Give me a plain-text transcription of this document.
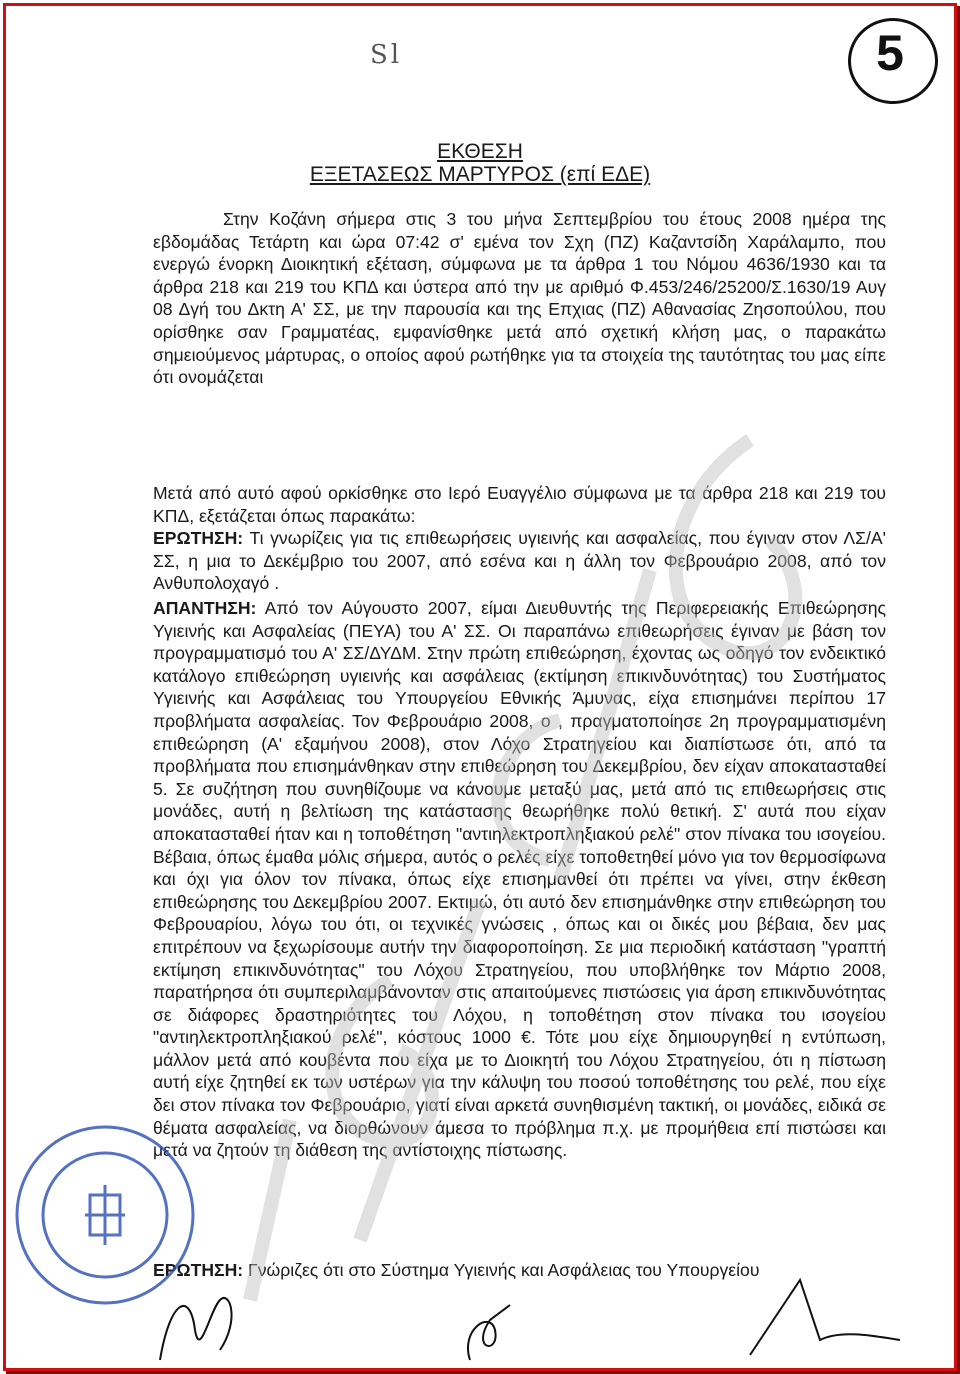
Sl	5
ΕΚΘΕΣΗ
ΕΞΕΤΑΣΕΩΣ ΜΑΡΤΥΡΟΣ (επί ΕΔΕ)
Στην Κοζάνη σήμερα στις 3 του μήνα Σεπτεμβρίου του έτους 2008 ημέρα της εβδομάδας Τετάρτη και ώρα 07:42 σ' εμένα τον Σχη (ΠΖ) Καζαντσίδη Χαράλαμπο, που ενεργώ ένορκη Διοικητική εξέταση, σύμφωνα με τα άρθρα 1 του Νόμου 4636/1930 και τα άρθρα 218 και 219 του ΚΠΔ και ύστερα από την με αριθμό Φ.453/246/25200/Σ.1630/19 Αυγ 08 Δγή του Δκτη Α' ΣΣ, με την παρουσία και της Επχιας (ΠΖ) Αθανασίας Ζησοπούλου, που ορίσθηκε σαν Γραμματέας, εμφανίσθηκε μετά από σχετική κλήση μας, ο παρακάτω σημειούμενος μάρτυρας, ο οποίος αφού ρωτήθηκε για τα στοιχεία της ταυτότητας του μας είπε ότι ονομάζεται

Μετά από αυτό αφού ορκίσθηκε στο Ιερό Ευαγγέλιο σύμφωνα με τα άρθρα 218 και 219 του ΚΠΔ, εξετάζεται όπως παρακάτω:
ΕΡΩΤΗΣΗ: Τι γνωρίζεις για τις επιθεωρήσεις υγιεινής και ασφαλείας, που έγιναν στον ΛΣ/Α' ΣΣ, η μια το Δεκέμβριο του 2007, από εσένα και η άλλη τον Φεβρουάριο 2008, από τον Ανθυπολοχαγό .
ΑΠΑΝΤΗΣΗ: Από τον Αύγουστο 2007, είμαι Διευθυντής της Περιφερειακής Επιθεώρησης Υγιεινής και Ασφαλείας (ΠΕΥΑ) του Α' ΣΣ. Οι παραπάνω επιθεωρήσεις έγιναν με βάση τον προγραμματισμό του Α' ΣΣ/ΔΥΔΜ. Στην πρώτη επιθεώρηση, έχοντας ως οδηγό τον ενδεικτικό κατάλογο επιθεώρηση υγιεινής και ασφάλειας (εκτίμηση επικινδυνότητας) του Συστήματος Υγιεινής και Ασφάλειας του Υπουργείου Εθνικής Άμυνας, είχα επισημάνει περίπου 17 προβλήματα ασφαλείας. Τον Φεβρουάριο 2008, ο , πραγματοποίησε 2η προγραμματισμένη επιθεώρηση (Α' εξαμήνου 2008), στον Λόχο Στρατηγείου και διαπίστωσε ότι, από τα προβλήματα που επισημάνθηκαν στην επιθεώρηση του Δεκεμβρίου, δεν είχαν αποκατασταθεί 5. Σε συζήτηση που συνηθίζουμε να κάνουμε μεταξύ μας, μετά από τις επιθεωρήσεις στις μονάδες, αυτή η βελτίωση της κατάστασης θεωρήθηκε πολύ θετική. Σ' αυτά που είχαν αποκατασταθεί ήταν και η τοποθέτηση "αντιηλεκτροπληξιακού ρελέ" στον πίνακα του ισογείου. Βέβαια, όπως έμαθα μόλις σήμερα, αυτός ο ρελές είχε τοποθετηθεί μόνο για τον θερμοσίφωνα και όχι για όλον τον πίνακα, όπως είχε επισημανθεί ότι πρέπει να γίνει, στην έκθεση επιθεώρησης του Δεκεμβρίου 2007. Εκτιμώ, ότι αυτό δεν επισημάνθηκε στην επιθεώρηση του Φεβρουαρίου, λόγω του ότι, οι τεχνικές γνώσεις , όπως και οι δικές μου βέβαια, δεν μας επιτρέπουν να ξεχωρίσουμε αυτήν την διαφοροποίηση. Σε μια περιοδική κατάσταση "γραπτή εκτίμηση επικινδυνότητας" του Λόχου Στρατηγείου, που υποβλήθηκε τον Μάρτιο 2008, παρατήρησα ότι συμπεριλαμβάνονταν στις απαιτούμενες πιστώσεις για άρση επικινδυνότητας σε διάφορες δραστηριότητες του Λόχου, η τοποθέτηση στον πίνακα του ισογείου "αντιηλεκτροπληξιακού ρελέ", κόστους 1000 €. Τότε μου είχε δημιουργηθεί η εντύπωση, μάλλον μετά από κουβέντα που είχα με το Διοικητή του Λόχου Στρατηγείου, ότι η πίστωση αυτή είχε ζητηθεί εκ των υστέρων για την κάλυψη του ποσού τοποθέτησης του ρελέ, που είχε δει στον πίνακα τον Φεβρουάριο, γιατί είναι αρκετά συνηθισμένη τακτική, οι μονάδες, ειδικά σε θέματα ασφαλείας, να διορθώνουν άμεσα το πρόβλημα π.χ. με προμήθεια επί πιστώσει και μετά να ζητούν τη διάθεση της αντίστοιχης πίστωσης.
ΕΡΩΤΗΣΗ: Γνώριζες ότι στο Σύστημα Υγιεινής και Ασφάλειας του Υπουργείου
